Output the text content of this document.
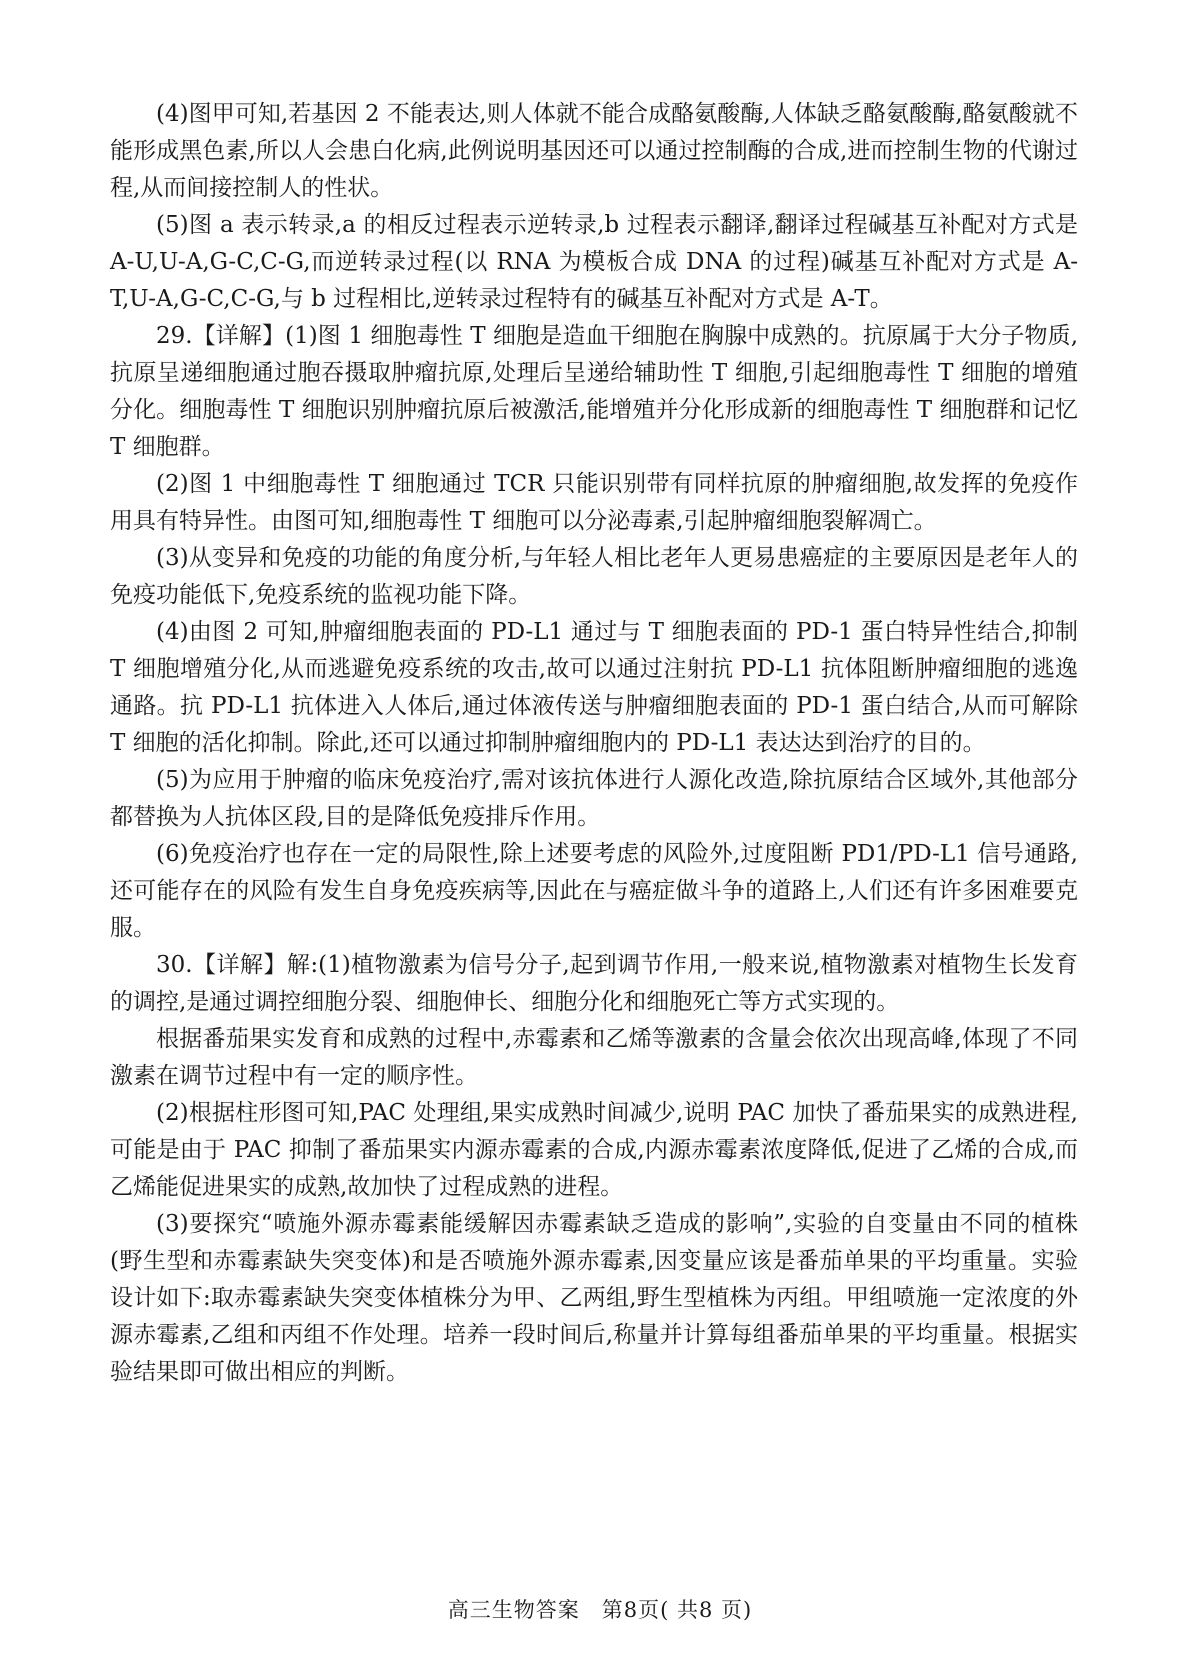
(4)图甲可知,若基因 2 不能表达,则人体就不能合成酪氨酸酶,人体缺乏酪氨酸酶,酪氨酸就不能形成黑色素,所以人会患白化病,此例说明基因还可以通过控制酶的合成,进而控制生物的代谢过程,从而间接控制人的性状。

(5)图 a 表示转录,a 的相反过程表示逆转录,b 过程表示翻译,翻译过程碱基互补配对方式是 A-U,U-A,G-C,C-G,而逆转录过程(以 RNA 为模板合成 DNA 的过程)碱基互补配对方式是 A-T,U-A,G-C,C-G,与 b 过程相比,逆转录过程特有的碱基互补配对方式是 A-T。

29.【详解】(1)图 1 细胞毒性 T 细胞是造血干细胞在胸腺中成熟的。抗原属于大分子物质,抗原呈递细胞通过胞吞摄取肿瘤抗原,处理后呈递给辅助性 T 细胞,引起细胞毒性 T 细胞的增殖分化。细胞毒性 T 细胞识别肿瘤抗原后被激活,能增殖并分化形成新的细胞毒性 T 细胞群和记忆 T 细胞群。

(2)图 1 中细胞毒性 T 细胞通过 TCR 只能识别带有同样抗原的肿瘤细胞,故发挥的免疫作用具有特异性。由图可知,细胞毒性 T 细胞可以分泌毒素,引起肿瘤细胞裂解凋亡。

(3)从变异和免疫的功能的角度分析,与年轻人相比老年人更易患癌症的主要原因是老年人的免疫功能低下,免疫系统的监视功能下降。

(4)由图 2 可知,肿瘤细胞表面的 PD-L1 通过与 T 细胞表面的 PD-1 蛋白特异性结合,抑制 T 细胞增殖分化,从而逃避免疫系统的攻击,故可以通过注射抗 PD-L1 抗体阻断肿瘤细胞的逃逸通路。抗 PD-L1 抗体进入人体后,通过体液传送与肿瘤细胞表面的 PD-1 蛋白结合,从而可解除 T 细胞的活化抑制。除此,还可以通过抑制肿瘤细胞内的 PD-L1 表达达到治疗的目的。

(5)为应用于肿瘤的临床免疫治疗,需对该抗体进行人源化改造,除抗原结合区域外,其他部分都替换为人抗体区段,目的是降低免疫排斥作用。

(6)免疫治疗也存在一定的局限性,除上述要考虑的风险外,过度阻断 PD1/PD-L1 信号通路,还可能存在的风险有发生自身免疫疾病等,因此在与癌症做斗争的道路上,人们还有许多困难要克服。

30.【详解】解:(1)植物激素为信号分子,起到调节作用,一般来说,植物激素对植物生长发育的调控,是通过调控细胞分裂、细胞伸长、细胞分化和细胞死亡等方式实现的。

根据番茄果实发育和成熟的过程中,赤霉素和乙烯等激素的含量会依次出现高峰,体现了不同激素在调节过程中有一定的顺序性。

(2)根据柱形图可知,PAC 处理组,果实成熟时间减少,说明 PAC 加快了番茄果实的成熟进程,可能是由于 PAC 抑制了番茄果实内源赤霉素的合成,内源赤霉素浓度降低,促进了乙烯的合成,而乙烯能促进果实的成熟,故加快了过程成熟的进程。

(3)要探究“喷施外源赤霉素能缓解因赤霉素缺乏造成的影响”,实验的自变量由不同的植株(野生型和赤霉素缺失突变体)和是否喷施外源赤霉素,因变量应该是番茄单果的平均重量。实验设计如下:取赤霉素缺失突变体植株分为甲、乙两组,野生型植株为丙组。甲组喷施一定浓度的外源赤霉素,乙组和丙组不作处理。培养一段时间后,称量并计算每组番茄单果的平均重量。根据实验结果即可做出相应的判断。

高三生物答案　第8页( 共8 页)
